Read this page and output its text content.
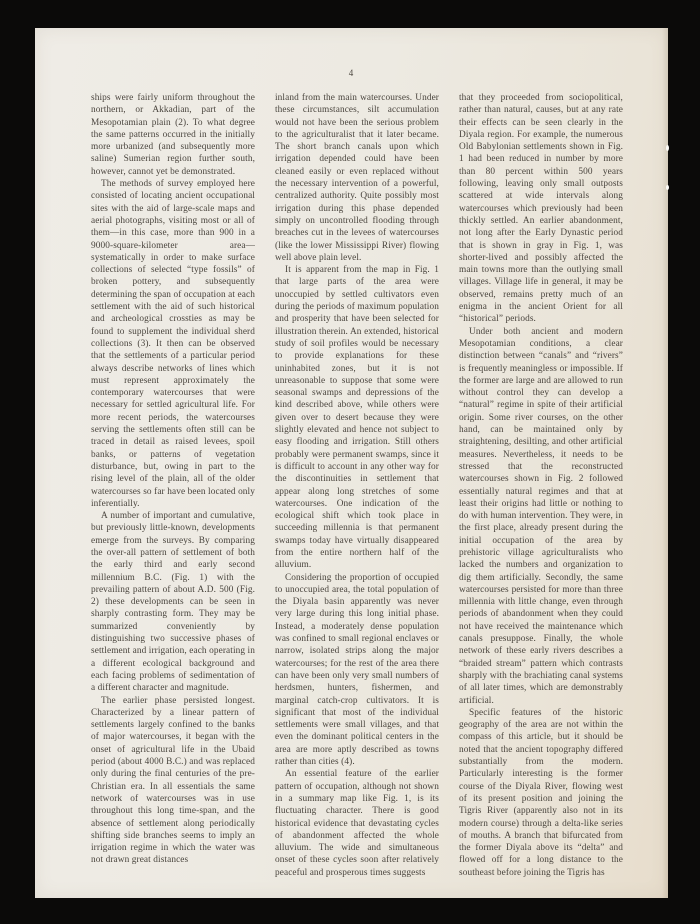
4

ships were fairly uniform throughout the northern, or Akkadian, part of the Mesopotamian plain (2). To what degree the same patterns occurred in the initially more urbanized (and subsequently more saline) Sumerian region further south, however, cannot yet be demonstrated.

The methods of survey employed here consisted of locating ancient occupational sites with the aid of large-scale maps and aerial photographs, visiting most or all of them—in this case, more than 900 in a 9000-square-kilometer area—systematically in order to make surface collections of selected “type fossils” of broken pottery, and subsequently determining the span of occupation at each settlement with the aid of such historical and archeological crossties as may be found to supplement the individual sherd collections (3). It then can be observed that the settlements of a particular period always describe networks of lines which must represent approximately the contemporary watercourses that were necessary for settled agricultural life. For more recent periods, the watercourses serving the settlements often still can be traced in detail as raised levees, spoil banks, or patterns of vegetation disturbance, but, owing in part to the rising level of the plain, all of the older watercourses so far have been located only inferentially.

A number of important and cumulative, but previously little-known, developments emerge from the surveys. By comparing the over-all pattern of settlement of both the early third and early second millennium B.C. (Fig. 1) with the prevailing pattern of about A.D. 500 (Fig. 2) these developments can be seen in sharply contrasting form. They may be summarized conveniently by distinguishing two successive phases of settlement and irrigation, each operating in a different ecological background and each facing problems of sedimentation of a different character and magnitude.

The earlier phase persisted longest. Characterized by a linear pattern of settlements largely confined to the banks of major watercourses, it began with the onset of agricultural life in the Ubaid period (about 4000 B.C.) and was replaced only during the final centuries of the pre-Christian era. In all essentials the same network of watercourses was in use throughout this long time-span, and the absence of settlement along periodically shifting side branches seems to imply an irrigation regime in which the water was not drawn great distances

inland from the main watercourses. Under these circumstances, silt accumulation would not have been the serious problem to the agriculturalist that it later became. The short branch canals upon which irrigation depended could have been cleaned easily or even replaced without the necessary intervention of a powerful, centralized authority. Quite possibly most irrigation during this phase depended simply on uncontrolled flooding through breaches cut in the levees of watercourses (like the lower Mississippi River) flowing well above plain level.

It is apparent from the map in Fig. 1 that large parts of the area were unoccupied by settled cultivators even during the periods of maximum population and prosperity that have been selected for illustration therein. An extended, historical study of soil profiles would be necessary to provide explanations for these uninhabited zones, but it is not unreasonable to suppose that some were seasonal swamps and depressions of the kind described above, while others were given over to desert because they were slightly elevated and hence not subject to easy flooding and irrigation. Still others probably were permanent swamps, since it is difficult to account in any other way for the discontinuities in settlement that appear along long stretches of some watercourses. One indication of the ecological shift which took place in succeeding millennia is that permanent swamps today have virtually disappeared from the entire northern half of the alluvium.

Considering the proportion of occupied to unoccupied area, the total population of the Diyala basin apparently was never very large during this long initial phase. Instead, a moderately dense population was confined to small regional enclaves or narrow, isolated strips along the major watercourses; for the rest of the area there can have been only very small numbers of herdsmen, hunters, fishermen, and marginal catch-crop cultivators. It is significant that most of the individual settlements were small villages, and that even the dominant political centers in the area are more aptly described as towns rather than cities (4).

An essential feature of the earlier pattern of occupation, although not shown in a summary map like Fig. 1, is its fluctuating character. There is good historical evidence that devastating cycles of abandonment affected the whole alluvium. The wide and simultaneous onset of these cycles soon after relatively peaceful and prosperous times suggests

that they proceeded from sociopolitical, rather than natural, causes, but at any rate their effects can be seen clearly in the Diyala region. For example, the numerous Old Babylonian settlements shown in Fig. 1 had been reduced in number by more than 80 percent within 500 years following, leaving only small outposts scattered at wide intervals along watercourses which previously had been thickly settled. An earlier abandonment, not long after the Early Dynastic period that is shown in gray in Fig. 1, was shorter-lived and possibly affected the main towns more than the outlying small villages. Village life in general, it may be observed, remains pretty much of an enigma in the ancient Orient for all “historical” periods.

Under both ancient and modern Mesopotamian conditions, a clear distinction between “canals” and “rivers” is frequently meaningless or impossible. If the former are large and are allowed to run without control they can develop a “natural” regime in spite of their artificial origin. Some river courses, on the other hand, can be maintained only by straightening, desilting, and other artificial measures. Nevertheless, it needs to be stressed that the reconstructed watercourses shown in Fig. 2 followed essentially natural regimes and that at least their origins had little or nothing to do with human intervention. They were, in the first place, already present during the initial occupation of the area by prehistoric village agriculturalists who lacked the numbers and organization to dig them artificially. Secondly, the same watercourses persisted for more than three millennia with little change, even through periods of abandonment when they could not have received the maintenance which canals presuppose. Finally, the whole network of these early rivers describes a “braided stream” pattern which contrasts sharply with the brachiating canal systems of all later times, which are demonstrably artificial.

Specific features of the historic geography of the area are not within the compass of this article, but it should be noted that the ancient topography differed substantially from the modern. Particularly interesting is the former course of the Diyala River, flowing west of its present position and joining the Tigris River (apparently also not in its modern course) through a delta-like series of mouths. A branch that bifurcated from the former Diyala above its “delta” and flowed off for a long distance to the southeast before joining the Tigris has
